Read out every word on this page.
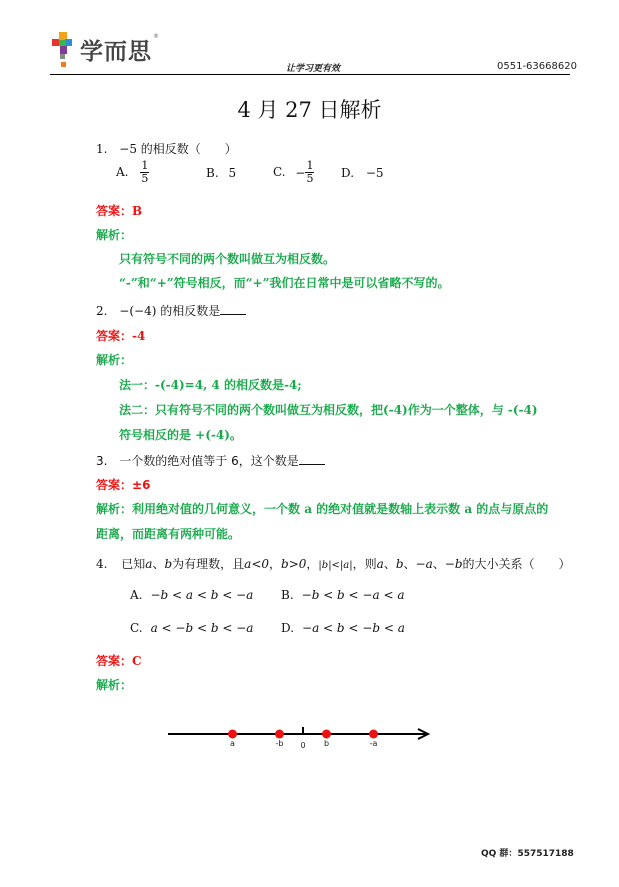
学而思
®
让学习更有效	0551-63668620
4 月 27 日解析
1. −5 的相反数（　　）
A. $\frac{1}{5}$	B. 5	C. − $\frac{1}{5} D$. −5
答案：B
解析：
只有符号不同的两个数叫做互为相反数。
“-”和“+”符号相反，而“+”我们在日常中是可以省略不写的。
2. −(−4) 的相反数是
答案：-4
解析：
法一：-(-4)=4, 4 的相反数是-4;
法二：只有符号不同的两个数叫做互为相反数，把(-4)作为一个整体，与 -(-4)
符号相反的是 +(-4)。
3. 一个数的绝对值等于 6，这个数是
答案：±6
解析：利用绝对值的几何意义，一个数 a 的绝对值就是数轴上表示数 a 的点与原点的
距离，而距离有两种可能。
4. 已知a、b为有理数，且a<0，b>0，|b|<|a|，则a、b、−a、−b的大小关系（　　）
A. −b < a < b < −a B. −b < b < −a < a
C. a < −b < b < −a D. −a < b < −b < a
答案：C
解析：
0
a	-b	b	-a
QQ 群：557517188
